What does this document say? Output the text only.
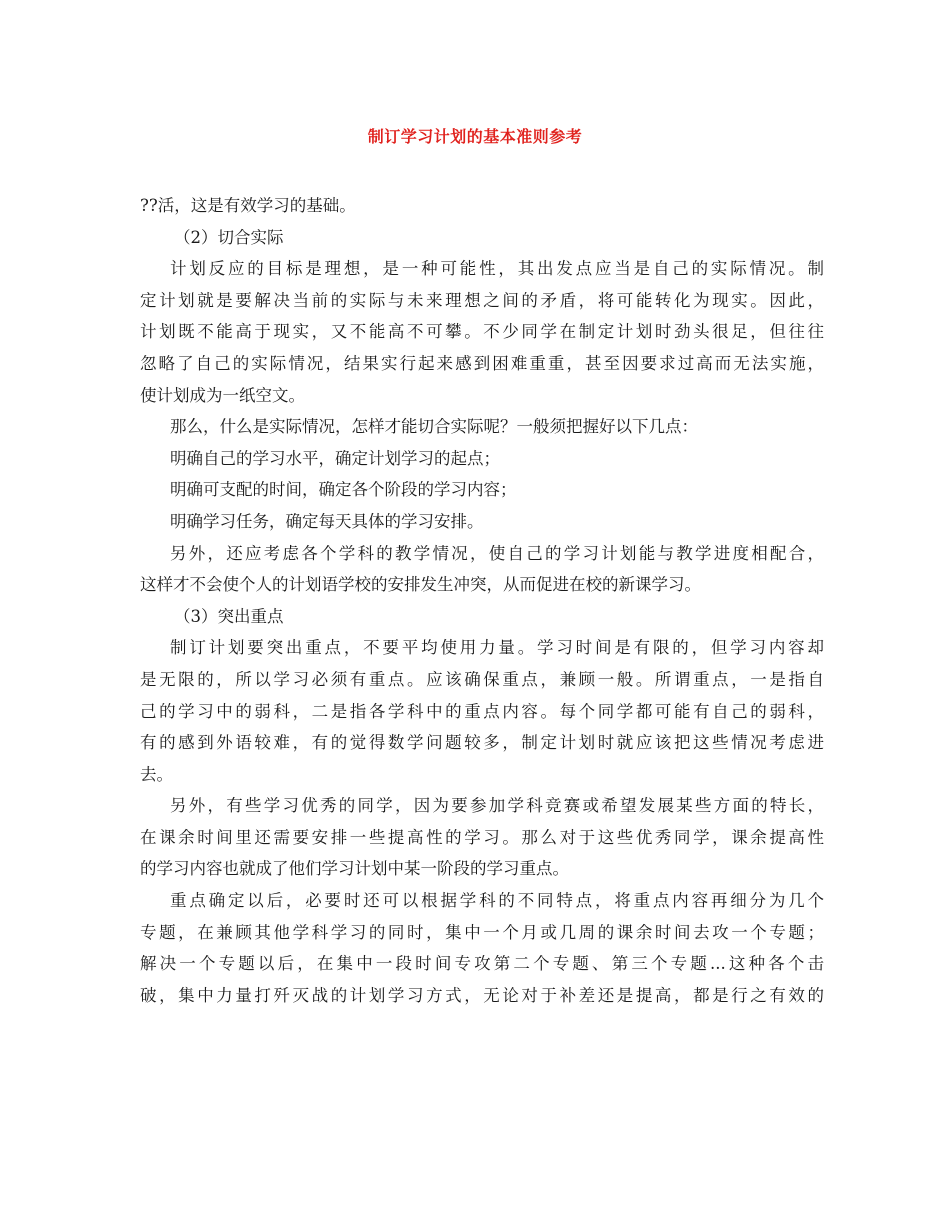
制订学习计划的基本准则参考
??活，这是有效学习的基础。
（2）切合实际
计划反应的目标是理想，是一种可能性，其出发点应当是自己的实际情况。制
定计划就是要解决当前的实际与未来理想之间的矛盾，将可能转化为现实。因此，
计划既不能高于现实，又不能高不可攀。不少同学在制定计划时劲头很足，但往往
忽略了自己的实际情况，结果实行起来感到困难重重，甚至因要求过高而无法实施，
使计划成为一纸空文。
那么，什么是实际情况，怎样才能切合实际呢？一般须把握好以下几点：
明确自己的学习水平，确定计划学习的起点；
明确可支配的时间，确定各个阶段的学习内容；
明确学习任务，确定每天具体的学习安排。
另外，还应考虑各个学科的教学情况，使自己的学习计划能与教学进度相配合，
这样才不会使个人的计划语学校的安排发生冲突，从而促进在校的新课学习。
（3）突出重点
制订计划要突出重点，不要平均使用力量。学习时间是有限的，但学习内容却
是无限的，所以学习必须有重点。应该确保重点，兼顾一般。所谓重点，一是指自
己的学习中的弱科，二是指各学科中的重点内容。每个同学都可能有自己的弱科，
有的感到外语较难，有的觉得数学问题较多，制定计划时就应该把这些情况考虑进
去。
另外，有些学习优秀的同学，因为要参加学科竞赛或希望发展某些方面的特长，
在课余时间里还需要安排一些提高性的学习。那么对于这些优秀同学，课余提高性
的学习内容也就成了他们学习计划中某一阶段的学习重点。
重点确定以后，必要时还可以根据学科的不同特点，将重点内容再细分为几个
专题，在兼顾其他学科学习的同时，集中一个月或几周的课余时间去攻一个专题；
解决一个专题以后，在集中一段时间专攻第二个专题、第三个专题...这种各个击
破，集中力量打歼灭战的计划学习方式，无论对于补差还是提高，都是行之有效的
